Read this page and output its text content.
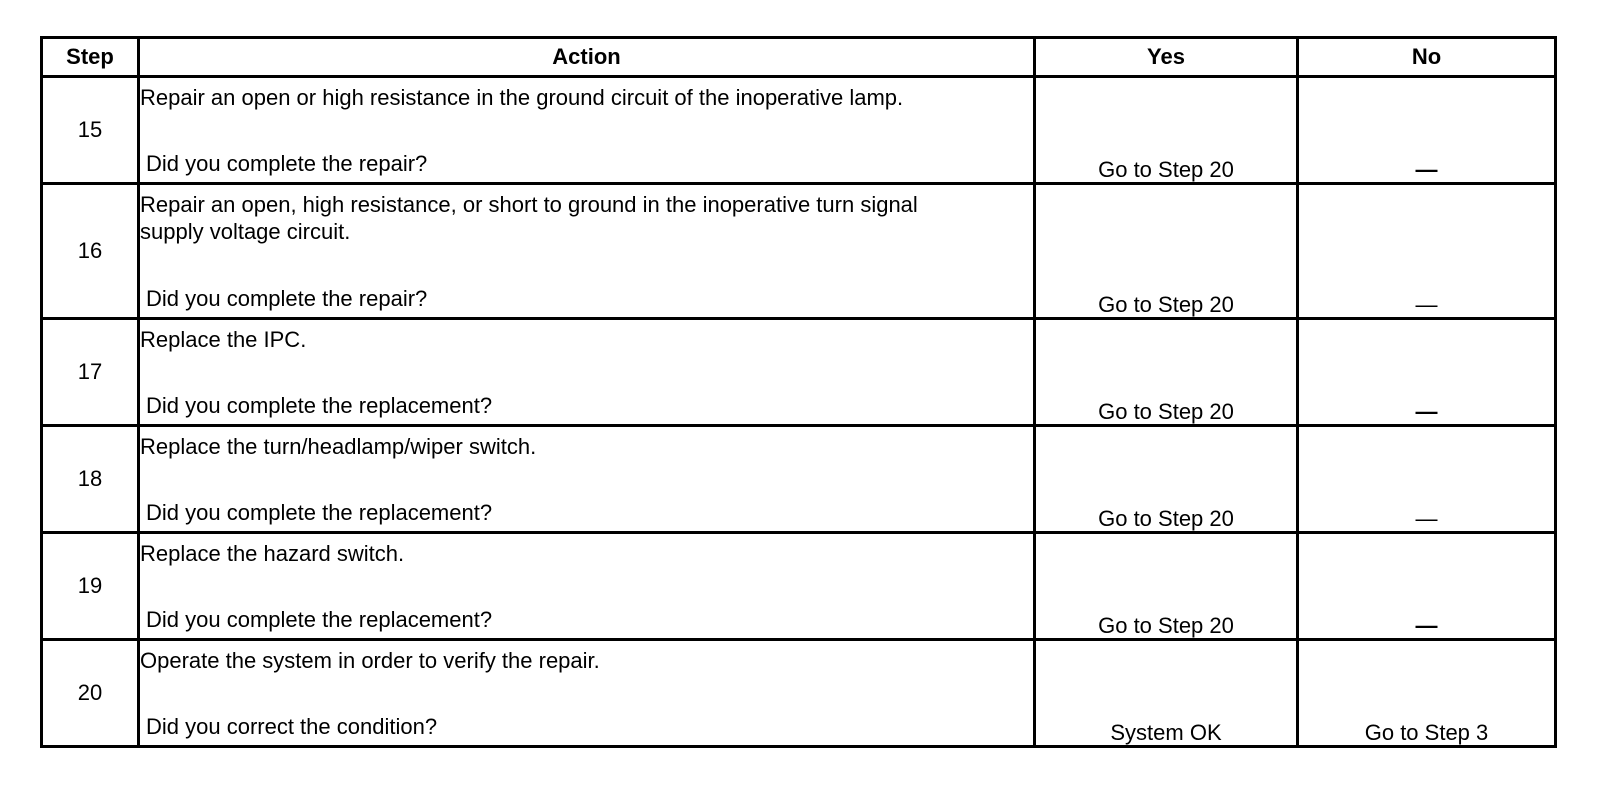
Step	Action	Yes	No
15	Repair an open or high resistance in the ground circuit of the inoperative lamp.
Did you complete the repair?	Go to Step 20	—
16	Repair an open, high resistance, or short to ground in the inoperative turn signal supply voltage circuit.
Did you complete the repair?	Go to Step 20	—
17	Replace the IPC.
Did you complete the replacement?	Go to Step 20	—
18	Replace the turn/headlamp/wiper switch.
Did you complete the replacement?	Go to Step 20	—
19	Replace the hazard switch.
Did you complete the replacement?	Go to Step 20	—
20	Operate the system in order to verify the repair.
Did you correct the condition?	System OK	Go to Step 3
